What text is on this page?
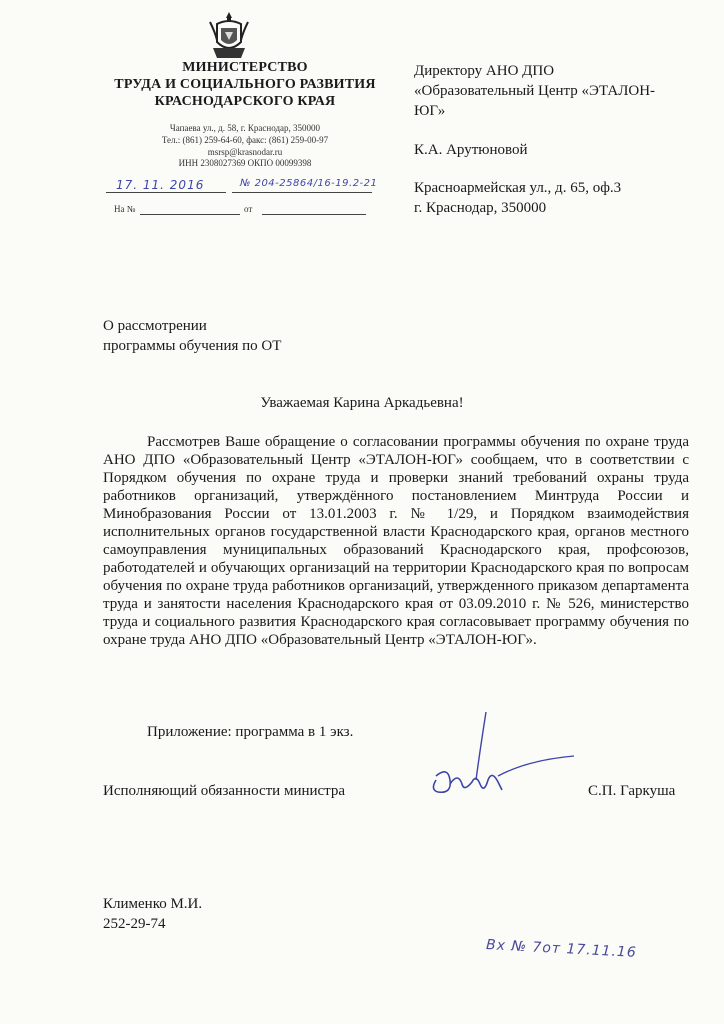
МИНИСТЕРСТВО
ТРУДА И СОЦИАЛЬНОГО РАЗВИТИЯ
КРАСНОДАРСКОГО КРАЯ
Чапаева ул., д. 58, г. Краснодар, 350000
Тел.: (861) 259-64-60, факс: (861) 259-00-97
msrsp@krasnodar.ru
ИНН 2308027369 ОКПО 00099398
17. 11. 2016	№ 204-25864/16-19.2-21
На №	от
Директору АНО ДПО
«Образовательный Центр «ЭТАЛОН-
ЮГ»
К.А. Арутюновой
Красноармейская ул., д. 65, оф.3
г. Краснодар, 350000
О рассмотрении
программы обучения по ОТ
Уважаемая Карина Аркадьевна!

Рассмотрев Ваше обращение о согласовании программы обучения по охране труда АНО ДПО «Образовательный Центр «ЭТАЛОН-ЮГ» сообщаем, что в соответствии с Порядком обучения по охране труда и проверки знаний требований охраны труда работников организаций, утверждённого постановлением Минтруда России и Минобразования России от 13.01.2003 г. № 1/29, и Порядком взаимодействия исполнительных органов государственной власти Краснодарского края, органов местного самоуправления муниципальных образований Краснодарского края, профсоюзов, работодателей и обучающих организаций на территории Краснодарского края по вопросам обучения по охране труда работников организаций, утвержденного приказом департамента труда и занятости населения Краснодарского края от 03.09.2010 г. № 526, министерство труда и социального развития Краснодарского края согласовывает программу обучения по охране труда АНО ДПО «Образовательный Центр «ЭТАЛОН-ЮГ».

Приложение: программа в 1 экз.
Исполняющий обязанности министра	С.П. Гаркуша
Клименко М.И.
252-29-74
Вх № 7от 17.11.16
